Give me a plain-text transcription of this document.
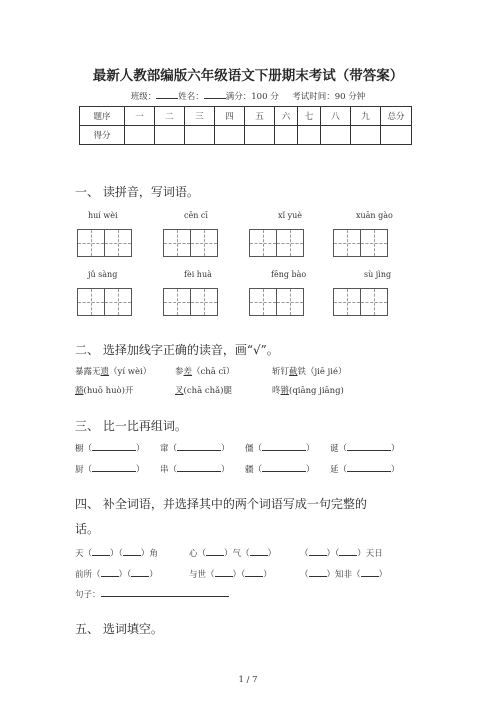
最新人教部编版六年级语文下册期末考试（带答案）
班级：	姓名：	满分：100 分 考试时间：90 分钟
题序	一	二	三	四	五	六	七	八	九	总分
得分										
一、 读拼音，写词语。
huí wèi	cēn cī	xǐ yuè	xuān gào
jǔ sàng	fèi huà	fēng bào	sù jìng
二、 选择加线字正确的读音，画“√”。
暴露无遗（yí wèi）	参差（chā cī）	斩钉截铁（jiē jié）
豁(huō huò)开	叉(chā chǎ)腿	咚锵(qiāng jiāng)
三、 比一比再组词。
橱（	） 窜（	） 僵（	） 诞（	）
厨（	） 串（	） 疆（	） 延（	）
四、 补全词语，并选择其中的两个词语写成一句完整的
话。
天（ ）（ ）角	心（ ）气（ ）	（ ）（ ）天日
前所（ ）（ ）	与世（ ）（ ）	（ ）知非（ ）
句子：
五、 选词填空。
1 / 7
